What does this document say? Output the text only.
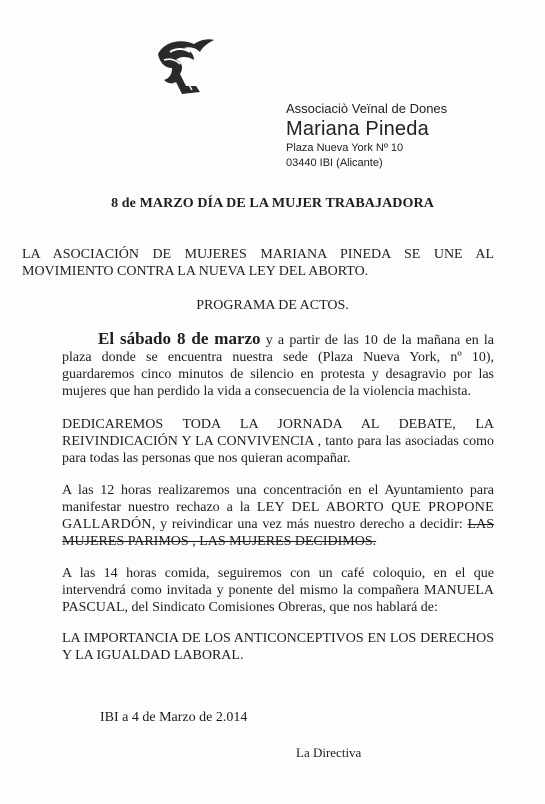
Associaciò Veïnal de Dones
Mariana Pineda
Plaza Nueva York Nº 10
03440 IBI (Alicante)
8 de MARZO DÍA DE LA MUJER TRABAJADORA
LA ASOCIACIÓN DE MUJERES MARIANA PINEDA SE UNE AL MOVIMIENTO CONTRA LA NUEVA LEY DEL ABORTO.
PROGRAMA DE ACTOS.
El sábado 8 de marzo y a partir de las 10 de la mañana en la plaza donde se encuentra nuestra sede (Plaza Nueva York, nº 10), guardaremos cinco minutos de silencio en protesta y desagravio por las mujeres que han perdido la vida a consecuencia de la violencia machista.
DEDICAREMOS TODA LA JORNADA AL DEBATE, LA REIVINDICACIÓN Y LA CONVIVENCIA , tanto para las asociadas como para todas las personas que nos quieran acompañar.
A las 12 horas realizaremos una concentración en el Ayuntamiento para manifestar nuestro rechazo a la LEY DEL ABORTO QUE PROPONE GALLARDÓN, y reivindicar una vez más nuestro derecho a decidir: LAS MUJERES PARIMOS , LAS MUJERES DECIDIMOS.
A las 14 horas comida, seguiremos con un café coloquio, en el que intervendrá como invitada y ponente del mismo la compañera MANUELA PASCUAL, del Sindicato Comisiones Obreras, que nos hablará de:
LA IMPORTANCIA DE LOS ANTICONCEPTIVOS EN LOS DERECHOS Y LA IGUALDAD LABORAL.
IBI a 4 de Marzo de 2.014
La Directiva
